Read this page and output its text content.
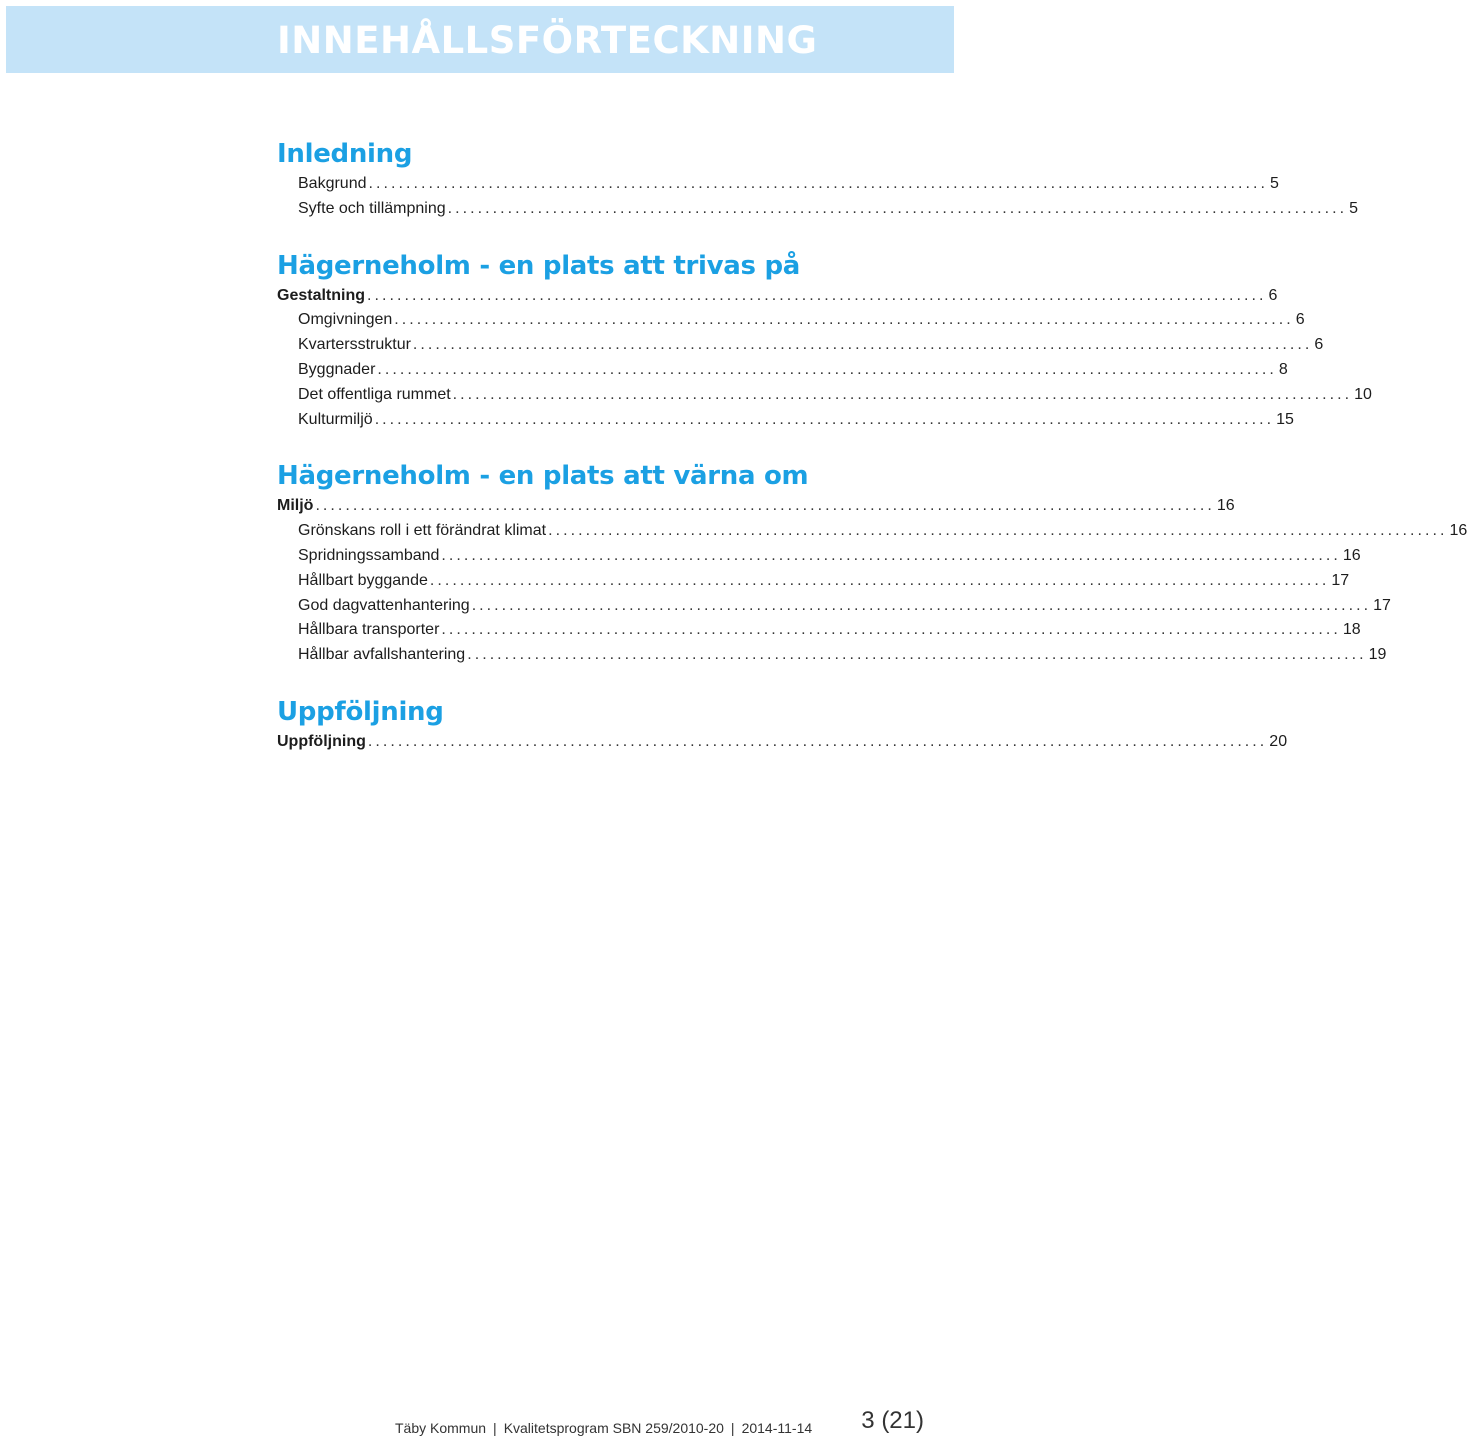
INNEHÅLLSFÖRTECKNING
Inledning
Bakgrund ........................................................................................................................ 5
Syfte och tillämpning ........................................................................................................................ 5
Hägerneholm - en plats att trivas på
Gestaltning ........................................................................................................................ 6
Omgivningen ........................................................................................................................ 6
Kvartersstruktur ........................................................................................................................ 6
Byggnader ........................................................................................................................ 8
Det offentliga rummet ........................................................................................................................ 10
Kulturmiljö ........................................................................................................................ 15
Hägerneholm - en plats att värna om
Miljö ........................................................................................................................ 16
Grönskans roll i ett förändrat klimat ........................................................................................................................ 16
Spridningssamband ........................................................................................................................ 16
Hållbart byggande ........................................................................................................................ 17
God dagvattenhantering ........................................................................................................................ 17
Hållbara transporter ........................................................................................................................ 18
Hållbar avfallshantering ........................................................................................................................ 19
Uppföljning
Uppföljning ........................................................................................................................ 20
Täby Kommun | Kvalitetsprogram SBN 259/2010-20 | 2014-11-14 3 (21)
